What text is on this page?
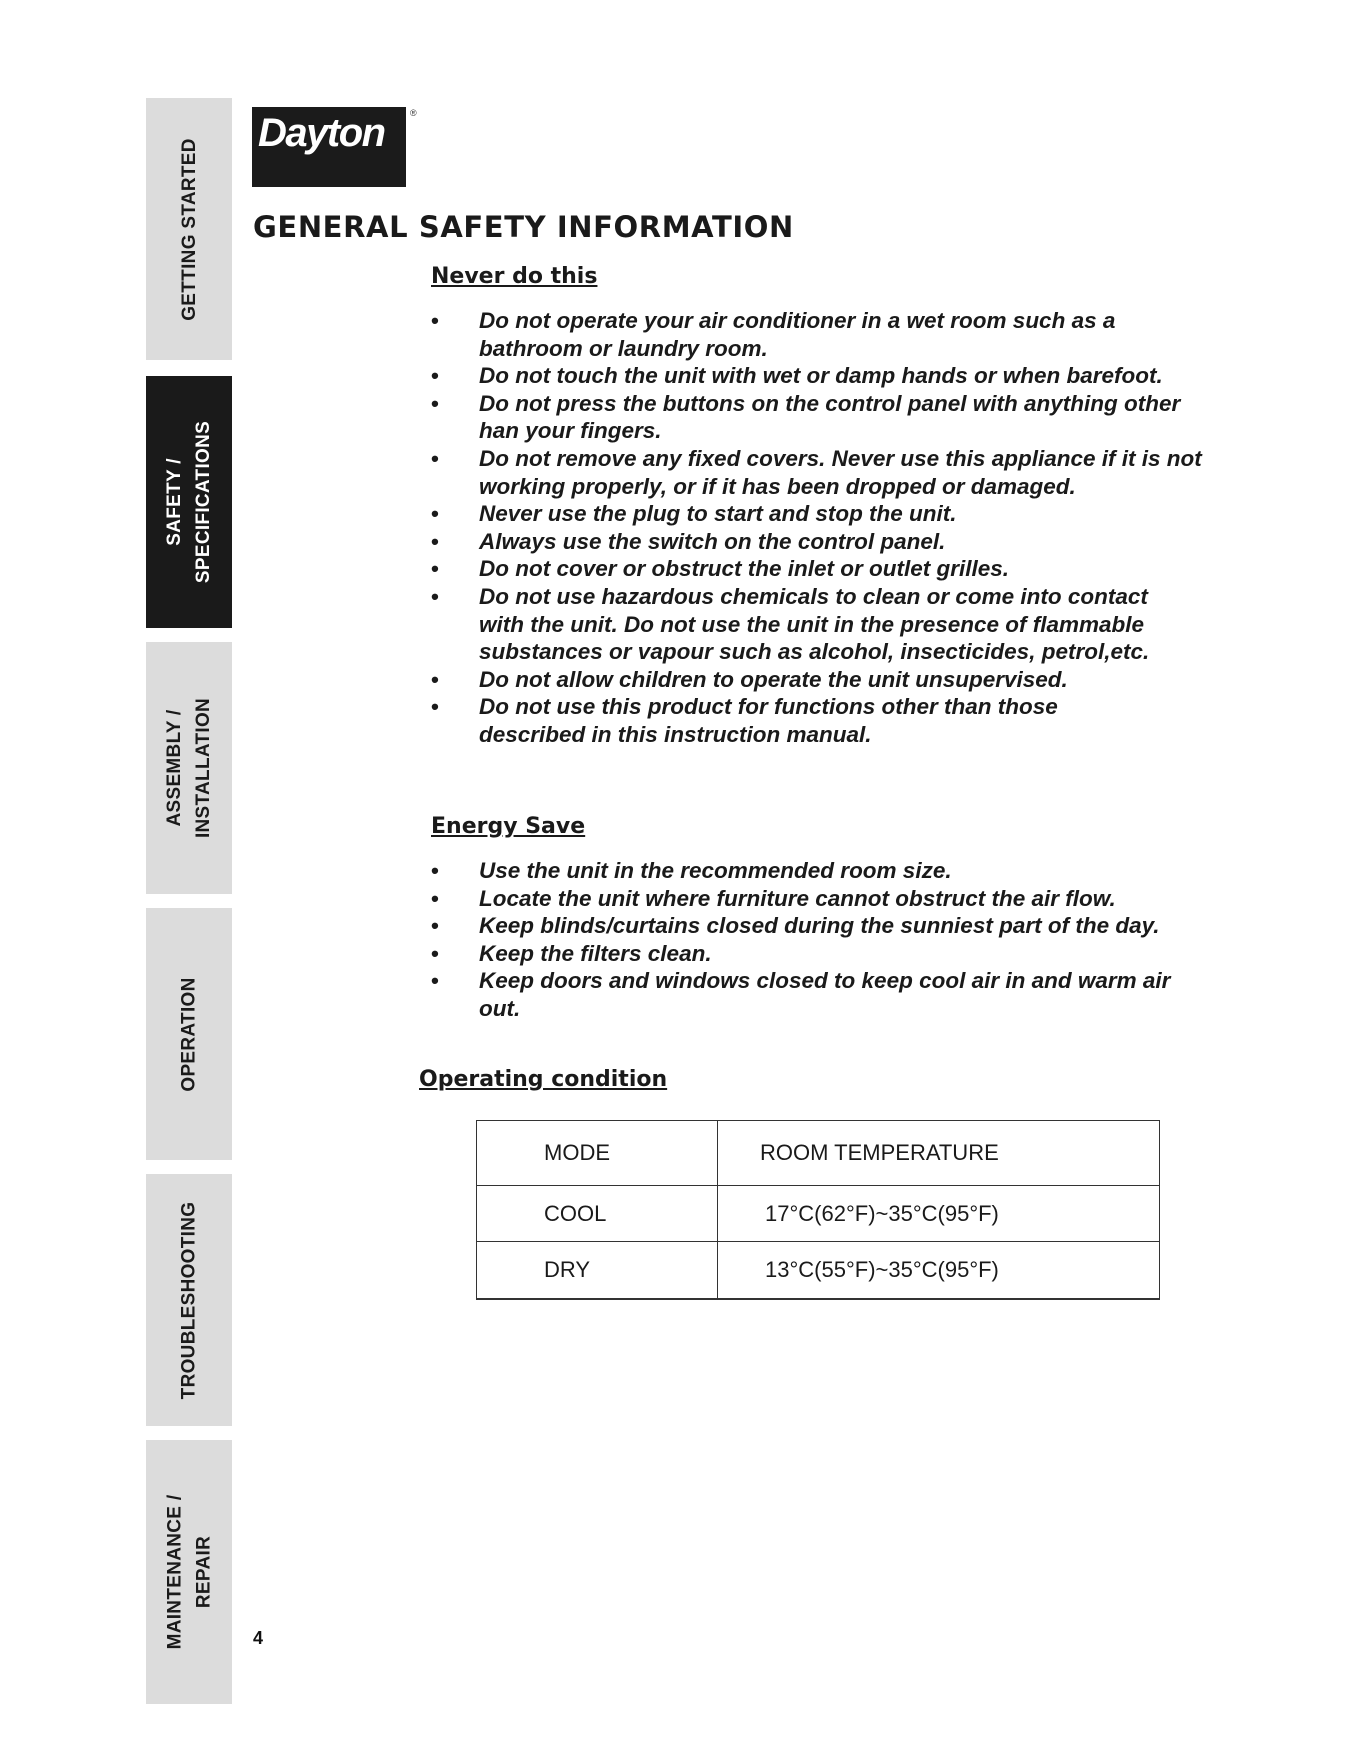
GETTING STARTED
SAFETY /
SPECIFICATIONS
ASSEMBLY /
INSTALLATION
OPERATION
TROUBLESHOOTING
MAINTENANCE /
REPAIR
Dayton	®
GENERAL SAFETY INFORMATION
Never do this
• Do not operate your air conditioner in a wet room such as a bathroom or laundry room.
• Do not touch the unit with wet or damp hands or when barefoot.
• Do not press the buttons on the control panel with anything other han your fingers.
• Do not remove any fixed covers. Never use this appliance if it is not working properly, or if it has been dropped or damaged.
• Never use the plug to start and stop the unit.
• Always use the switch on the control panel.
• Do not cover or obstruct the inlet or outlet grilles.
• Do not use hazardous chemicals to clean or come into contact with the unit. Do not use the unit in the presence of flammable substances or vapour such as alcohol, insecticides, petrol,etc.
• Do not allow children to operate the unit unsupervised.
• Do not use this product for functions other than those described in this instruction manual.
Energy Save
• Use the unit in the recommended room size.
• Locate the unit where furniture cannot obstruct the air flow.
• Keep blinds/curtains closed during the sunniest part of the day.
• Keep the filters clean.
• Keep doors and windows closed to keep cool air in and warm air out.
Operating condition
MODE	ROOM TEMPERATURE
COOL	17°C(62°F)~35°C(95°F)
DRY	13°C(55°F)~35°C(95°F)
4
